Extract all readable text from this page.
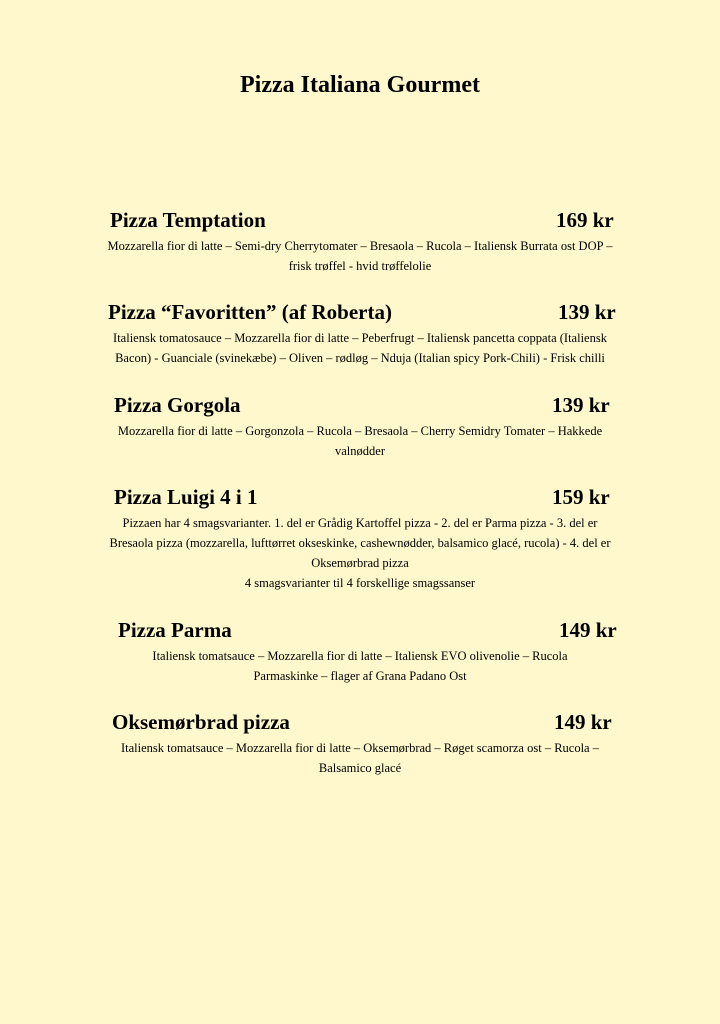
Pizza Italiana Gourmet
Pizza Temptation	169 kr

Mozzarella fior di latte – Semi-dry Cherrytomater – Bresaola – Rucola – Italiensk Burrata ost DOP –
frisk trøffel - hvid trøffelolie

Pizza “Favoritten” (af Roberta)	139 kr

Italiensk tomatosauce – Mozzarella fior di latte – Peberfrugt – Italiensk pancetta coppata (Italiensk
Bacon) - Guanciale (svinekæbe) – Oliven – rødløg – Nduja (Italian spicy Pork-Chili) - Frisk chilli

Pizza Gorgola	139 kr

Mozzarella fior di latte – Gorgonzola – Rucola – Bresaola – Cherry Semidry Tomater – Hakkede
valnødder

Pizza Luigi 4 i 1	159 kr

Pizzaen har 4 smagsvarianter. 1. del er Grådig Kartoffel pizza - 2. del er Parma pizza - 3. del er
Bresaola pizza (mozzarella, lufttørret okseskinke, cashewnødder, balsamico glacé, rucola) - 4. del er
Oksemørbrad pizza
4 smagsvarianter til 4 forskellige smagssanser

Pizza Parma	149 kr

Italiensk tomatsauce – Mozzarella fior di latte – Italiensk EVO olivenolie – Rucola
Parmaskinke – flager af Grana Padano Ost

Oksemørbrad pizza	149 kr

Italiensk tomatsauce – Mozzarella fior di latte – Oksemørbrad – Røget scamorza ost – Rucola –
Balsamico glacé
